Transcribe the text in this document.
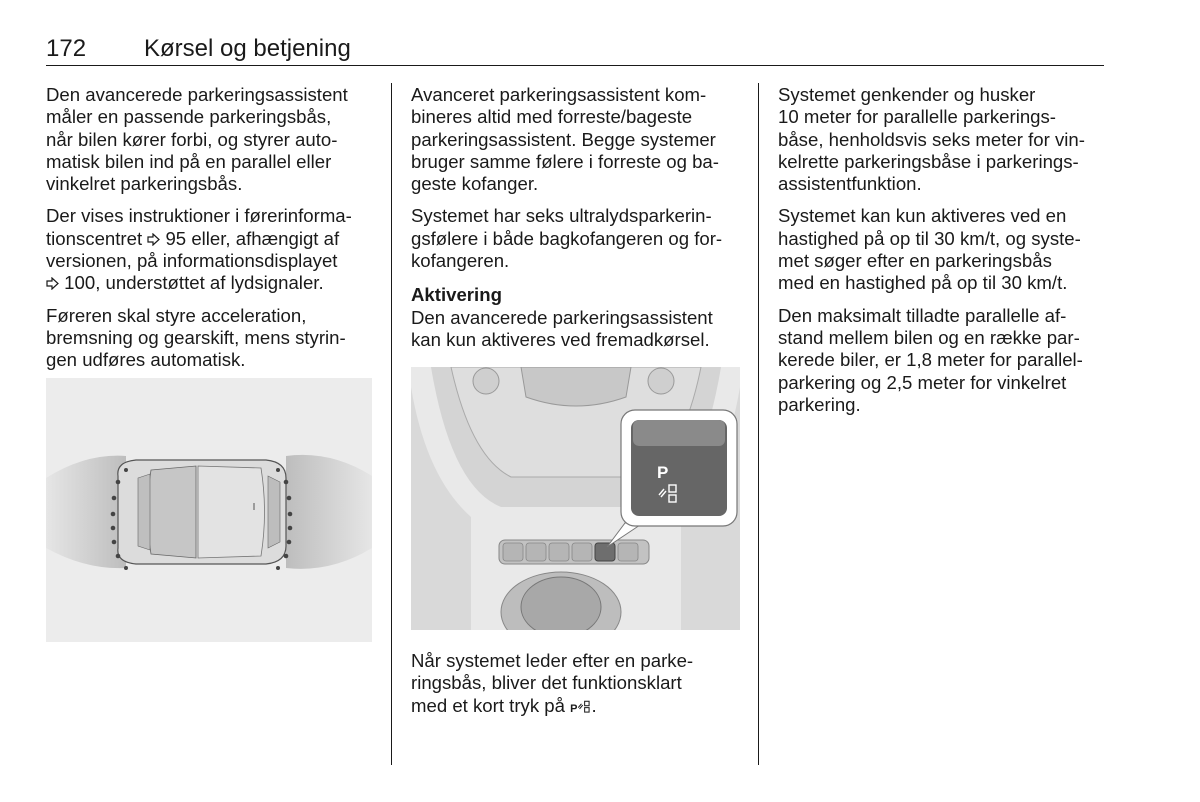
172 Kørsel og betjening

Den avancerede parkeringsassistent
måler en passende parkeringsbås,
når bilen kører forbi, og styrer auto-
matisk bilen ind på en parallel eller
vinkelret parkeringsbås.

Der vises instruktioner i førerinforma-
tionscentret  95 eller, afhængigt af
versionen, på informationsdisplayet
100, understøttet af lydsignaler.

Føreren skal styre acceleration,
bremsning og gearskift, mens styrin-
gen udføres automatisk.

Avanceret parkeringsassistent kom-
bineres altid med forreste/bageste
parkeringsassistent. Begge systemer
bruger samme følere i forreste og ba-
geste kofanger.

Systemet har seks ultralydsparkerin-
gsfølere i både bagkofangeren og for-
kofangeren.

Aktivering

Den avancerede parkeringsassistent
kan kun aktiveres ved fremadkørsel.

P

Når systemet leder efter en parke-
ringsbås, bliver det funktionsklart
med et kort tryk på P .

Systemet genkender og husker
10 meter for parallelle parkerings-
båse, henholdsvis seks meter for vin-
kelrette parkeringsbåse i parkerings-
assistentfunktion.

Systemet kan kun aktiveres ved en
hastighed på op til 30 km/t, og syste-
met søger efter en parkeringsbås
med en hastighed på op til 30 km/t.

Den maksimalt tilladte parallelle af-
stand mellem bilen og en række par-
kerede biler, er 1,8 meter for parallel-
parkering og 2,5 meter for vinkelret
parkering.
